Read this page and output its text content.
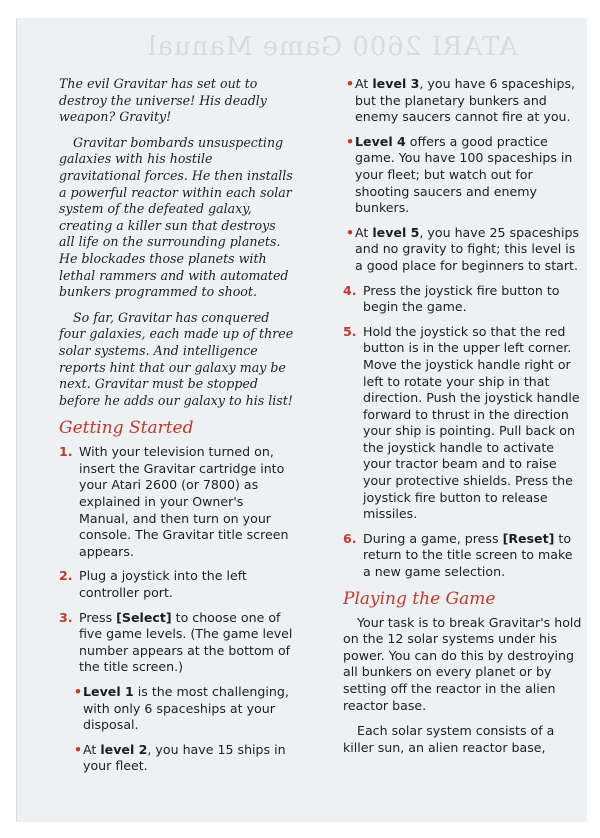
ATARI 2600 Game Manual

The evil Gravitar has set out to destroy the universe! His deadly weapon? Gravity!

Gravitar bombards unsuspecting galaxies with his hostile gravitational forces. He then installs a powerful reactor within each solar system of the defeated galaxy, creating a killer sun that destroys all life on the surrounding planets. He blockades those planets with lethal rammers and with automated bunkers programmed to shoot.

So far, Gravitar has conquered four galaxies, each made up of three solar systems. And intelligence reports hint that our galaxy may be next. Gravitar must be stopped before he adds our galaxy to his list!

Getting Started
1. With your television turned on, insert the Gravitar cartridge into your Atari 2600 (or 7800) as explained in your Owner's Manual, and then turn on your console. The Gravitar title screen appears.
2. Plug a joystick into the left controller port.
3. Press [Select] to choose one of five game levels. (The game level number appears at the bottom of the title screen.)
• Level 1 is the most challenging, with only 6 spaceships at your disposal.
• At level 2, you have 15 ships in your fleet.
• At level 3, you have 6 spaceships, but the planetary bunkers and enemy saucers cannot fire at you.
• Level 4 offers a good practice game. You have 100 spaceships in your fleet; but watch out for shooting saucers and enemy bunkers.
• At level 5, you have 25 spaceships and no gravity to fight; this level is a good place for beginners to start.
4. Press the joystick fire button to begin the game.
5. Hold the joystick so that the red button is in the upper left corner. Move the joystick handle right or left to rotate your ship in that direction. Push the joystick handle forward to thrust in the direction your ship is pointing. Pull back on the joystick handle to activate your tractor beam and to raise your protective shields. Press the joystick fire button to release missiles.
6. During a game, press [Reset] to return to the title screen to make a new game selection.
Playing the Game

Your task is to break Gravitar's hold on the 12 solar systems under his power. You can do this by destroying all bunkers on every planet or by setting off the reactor in the alien reactor base.

Each solar system consists of a killer sun, an alien reactor base,
